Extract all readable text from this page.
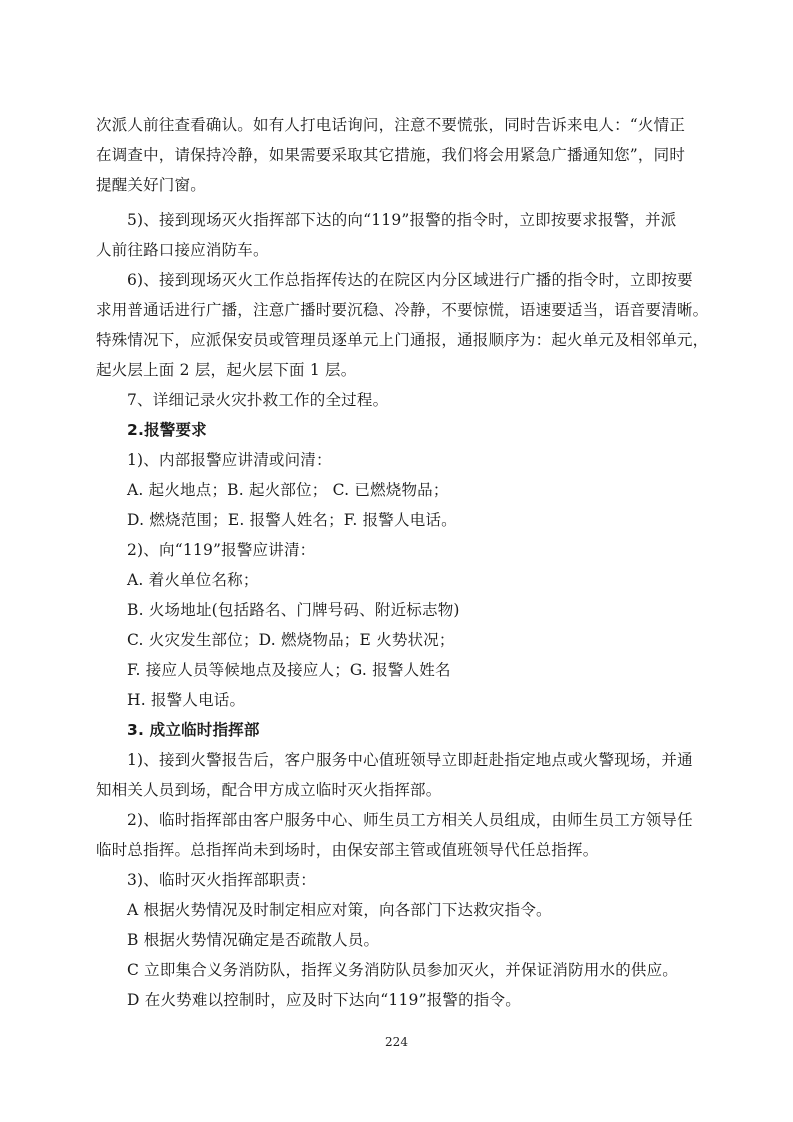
次派人前往查看确认。如有人打电话询问，注意不要慌张，同时告诉来电人：“火情正
在调查中，请保持冷静，如果需要采取其它措施，我们将会用紧急广播通知您”，同时
提醒关好门窗。
5)、接到现场灭火指挥部下达的向“119”报警的指令时，立即按要求报警，并派
人前往路口接应消防车。
6)、接到现场灭火工作总指挥传达的在院区内分区域进行广播的指令时，立即按要
求用普通话进行广播，注意广播时要沉稳、冷静，不要惊慌，语速要适当，语音要清晰。
特殊情况下，应派保安员或管理员逐单元上门通报，通报顺序为：起火单元及相邻单元，
起火层上面 2 层，起火层下面 1 层。
7、详细记录火灾扑救工作的全过程。
2.报警要求
1)、内部报警应讲清或问清：
A. 起火地点；B. 起火部位； C. 已燃烧物品；
D. 燃烧范围；E. 报警人姓名；F. 报警人电话。
2)、向“119”报警应讲清：
A. 着火单位名称；
B. 火场地址(包括路名、门牌号码、附近标志物)
C. 火灾发生部位；D. 燃烧物品；E 火势状况；
F. 接应人员等候地点及接应人；G. 报警人姓名
H. 报警人电话。
3. 成立临时指挥部
1)、接到火警报告后，客户服务中心值班领导立即赶赴指定地点或火警现场，并通
知相关人员到场，配合甲方成立临时灭火指挥部。
2)、临时指挥部由客户服务中心、师生员工方相关人员组成，由师生员工方领导任
临时总指挥。总指挥尚未到场时，由保安部主管或值班领导代任总指挥。
3)、临时灭火指挥部职责：
A 根据火势情况及时制定相应对策，向各部门下达救灾指令。
B 根据火势情况确定是否疏散人员。
C 立即集合义务消防队，指挥义务消防队员参加灭火，并保证消防用水的供应。
D 在火势难以控制时，应及时下达向“119”报警的指令。
224
